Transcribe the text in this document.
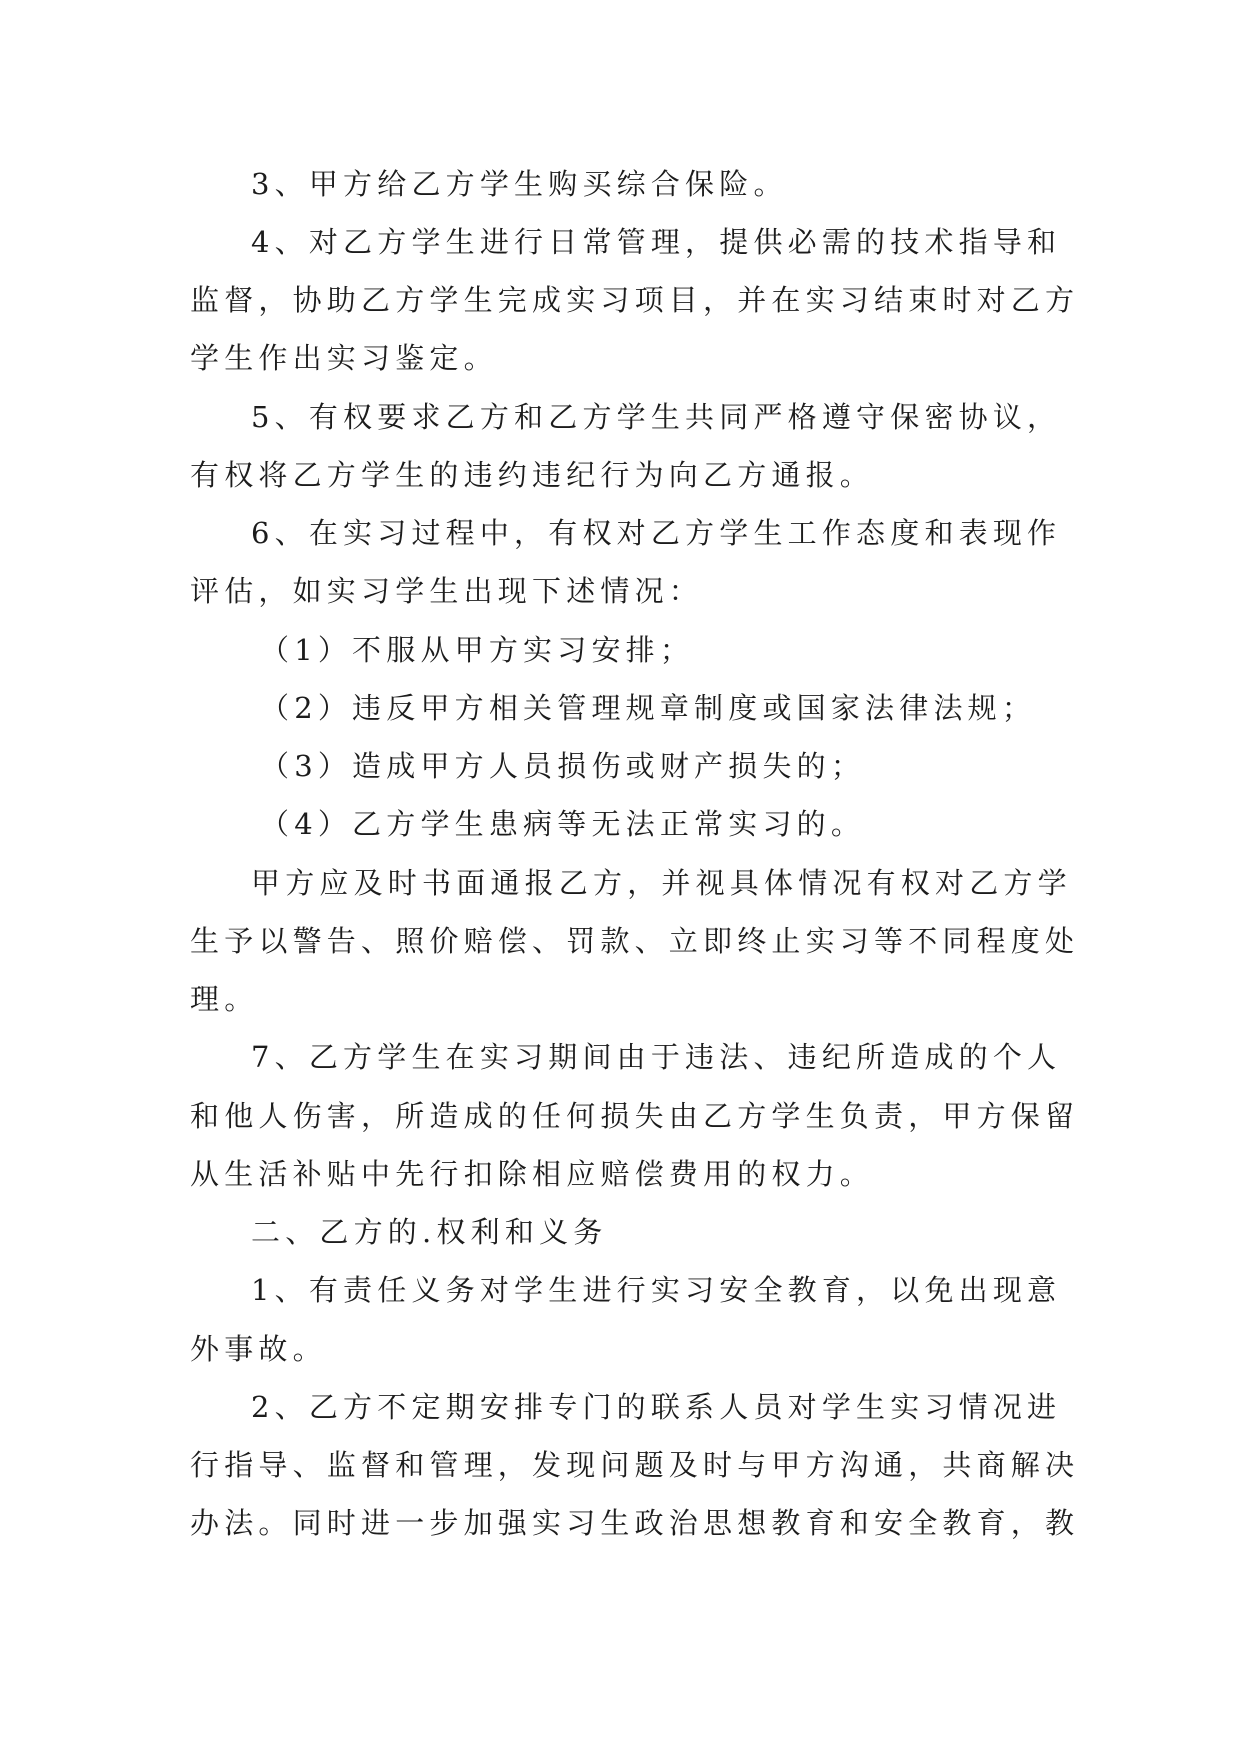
3、甲方给乙方学生购买综合保险。
4、对乙方学生进行日常管理，提供必需的技术指导和
监督，协助乙方学生完成实习项目，并在实习结束时对乙方
学生作出实习鉴定。
5、有权要求乙方和乙方学生共同严格遵守保密协议，
有权将乙方学生的违约违纪行为向乙方通报。
6、在实习过程中，有权对乙方学生工作态度和表现作
评估，如实习学生出现下述情况：
（1）不服从甲方实习安排；
（2）违反甲方相关管理规章制度或国家法律法规；
（3）造成甲方人员损伤或财产损失的；
（4）乙方学生患病等无法正常实习的。
甲方应及时书面通报乙方，并视具体情况有权对乙方学
生予以警告、照价赔偿、罚款、立即终止实习等不同程度处
理。
7、乙方学生在实习期间由于违法、违纪所造成的个人
和他人伤害，所造成的任何损失由乙方学生负责，甲方保留
从生活补贴中先行扣除相应赔偿费用的权力。
二、乙方的.权利和义务
1、有责任义务对学生进行实习安全教育，以免出现意
外事故。
2、乙方不定期安排专门的联系人员对学生实习情况进
行指导、监督和管理，发现问题及时与甲方沟通，共商解决
办法。同时进一步加强实习生政治思想教育和安全教育，教
